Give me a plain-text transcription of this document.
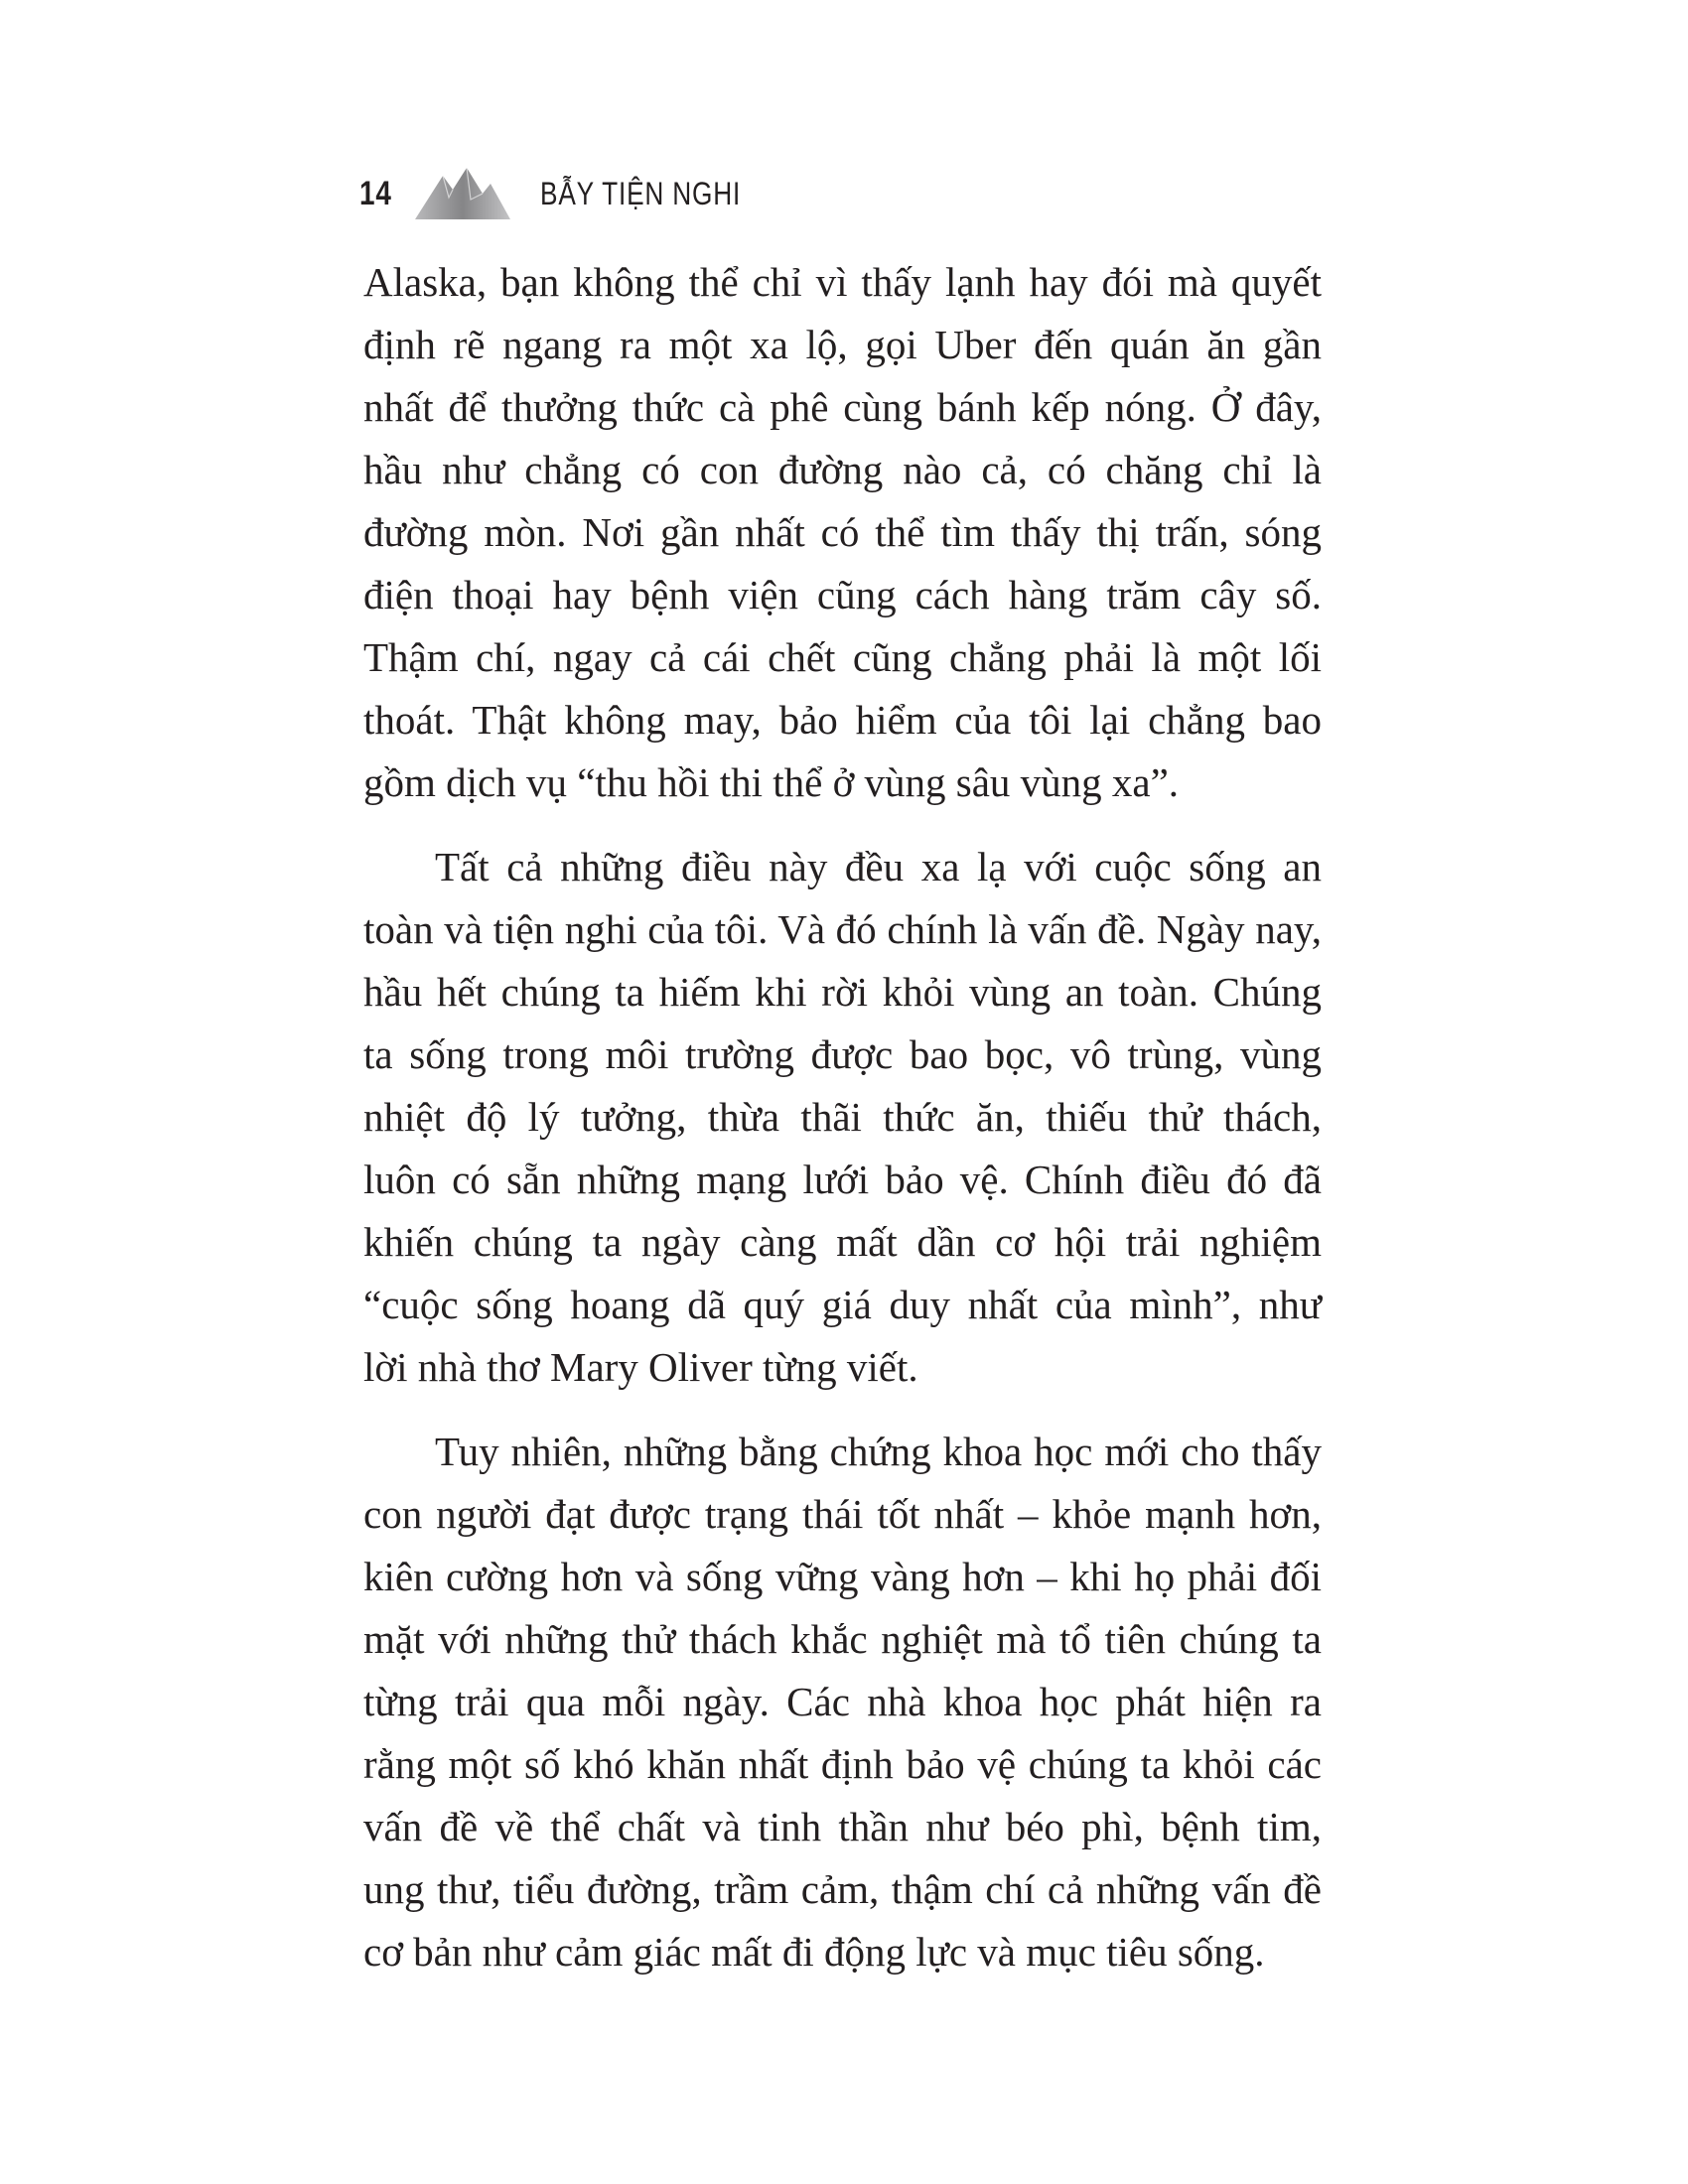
14	BẪY TIỆN NGHI
Alaska, bạn không thể chỉ vì thấy lạnh hay đói mà quyết
định rẽ ngang ra một xa lộ, gọi Uber đến quán ăn gần
nhất để thưởng thức cà phê cùng bánh kếp nóng. Ở đây,
hầu như chẳng có con đường nào cả, có chăng chỉ là
đường mòn. Nơi gần nhất có thể tìm thấy thị trấn, sóng
điện thoại hay bệnh viện cũng cách hàng trăm cây số.
Thậm chí, ngay cả cái chết cũng chẳng phải là một lối
thoát. Thật không may, bảo hiểm của tôi lại chẳng bao
gồm dịch vụ “thu hồi thi thể ở vùng sâu vùng xa”.
Tất cả những điều này đều xa lạ với cuộc sống an
toàn và tiện nghi của tôi. Và đó chính là vấn đề. Ngày nay,
hầu hết chúng ta hiếm khi rời khỏi vùng an toàn. Chúng
ta sống trong môi trường được bao bọc, vô trùng, vùng
nhiệt độ lý tưởng, thừa thãi thức ăn, thiếu thử thách,
luôn có sẵn những mạng lưới bảo vệ. Chính điều đó đã
khiến chúng ta ngày càng mất dần cơ hội trải nghiệm
“cuộc sống hoang dã quý giá duy nhất của mình”, như
lời nhà thơ Mary Oliver từng viết.
Tuy nhiên, những bằng chứng khoa học mới cho thấy
con người đạt được trạng thái tốt nhất – khỏe mạnh hơn,
kiên cường hơn và sống vững vàng hơn – khi họ phải đối
mặt với những thử thách khắc nghiệt mà tổ tiên chúng ta
từng trải qua mỗi ngày. Các nhà khoa học phát hiện ra
rằng một số khó khăn nhất định bảo vệ chúng ta khỏi các
vấn đề về thể chất và tinh thần như béo phì, bệnh tim,
ung thư, tiểu đường, trầm cảm, thậm chí cả những vấn đề
cơ bản như cảm giác mất đi động lực và mục tiêu sống.
